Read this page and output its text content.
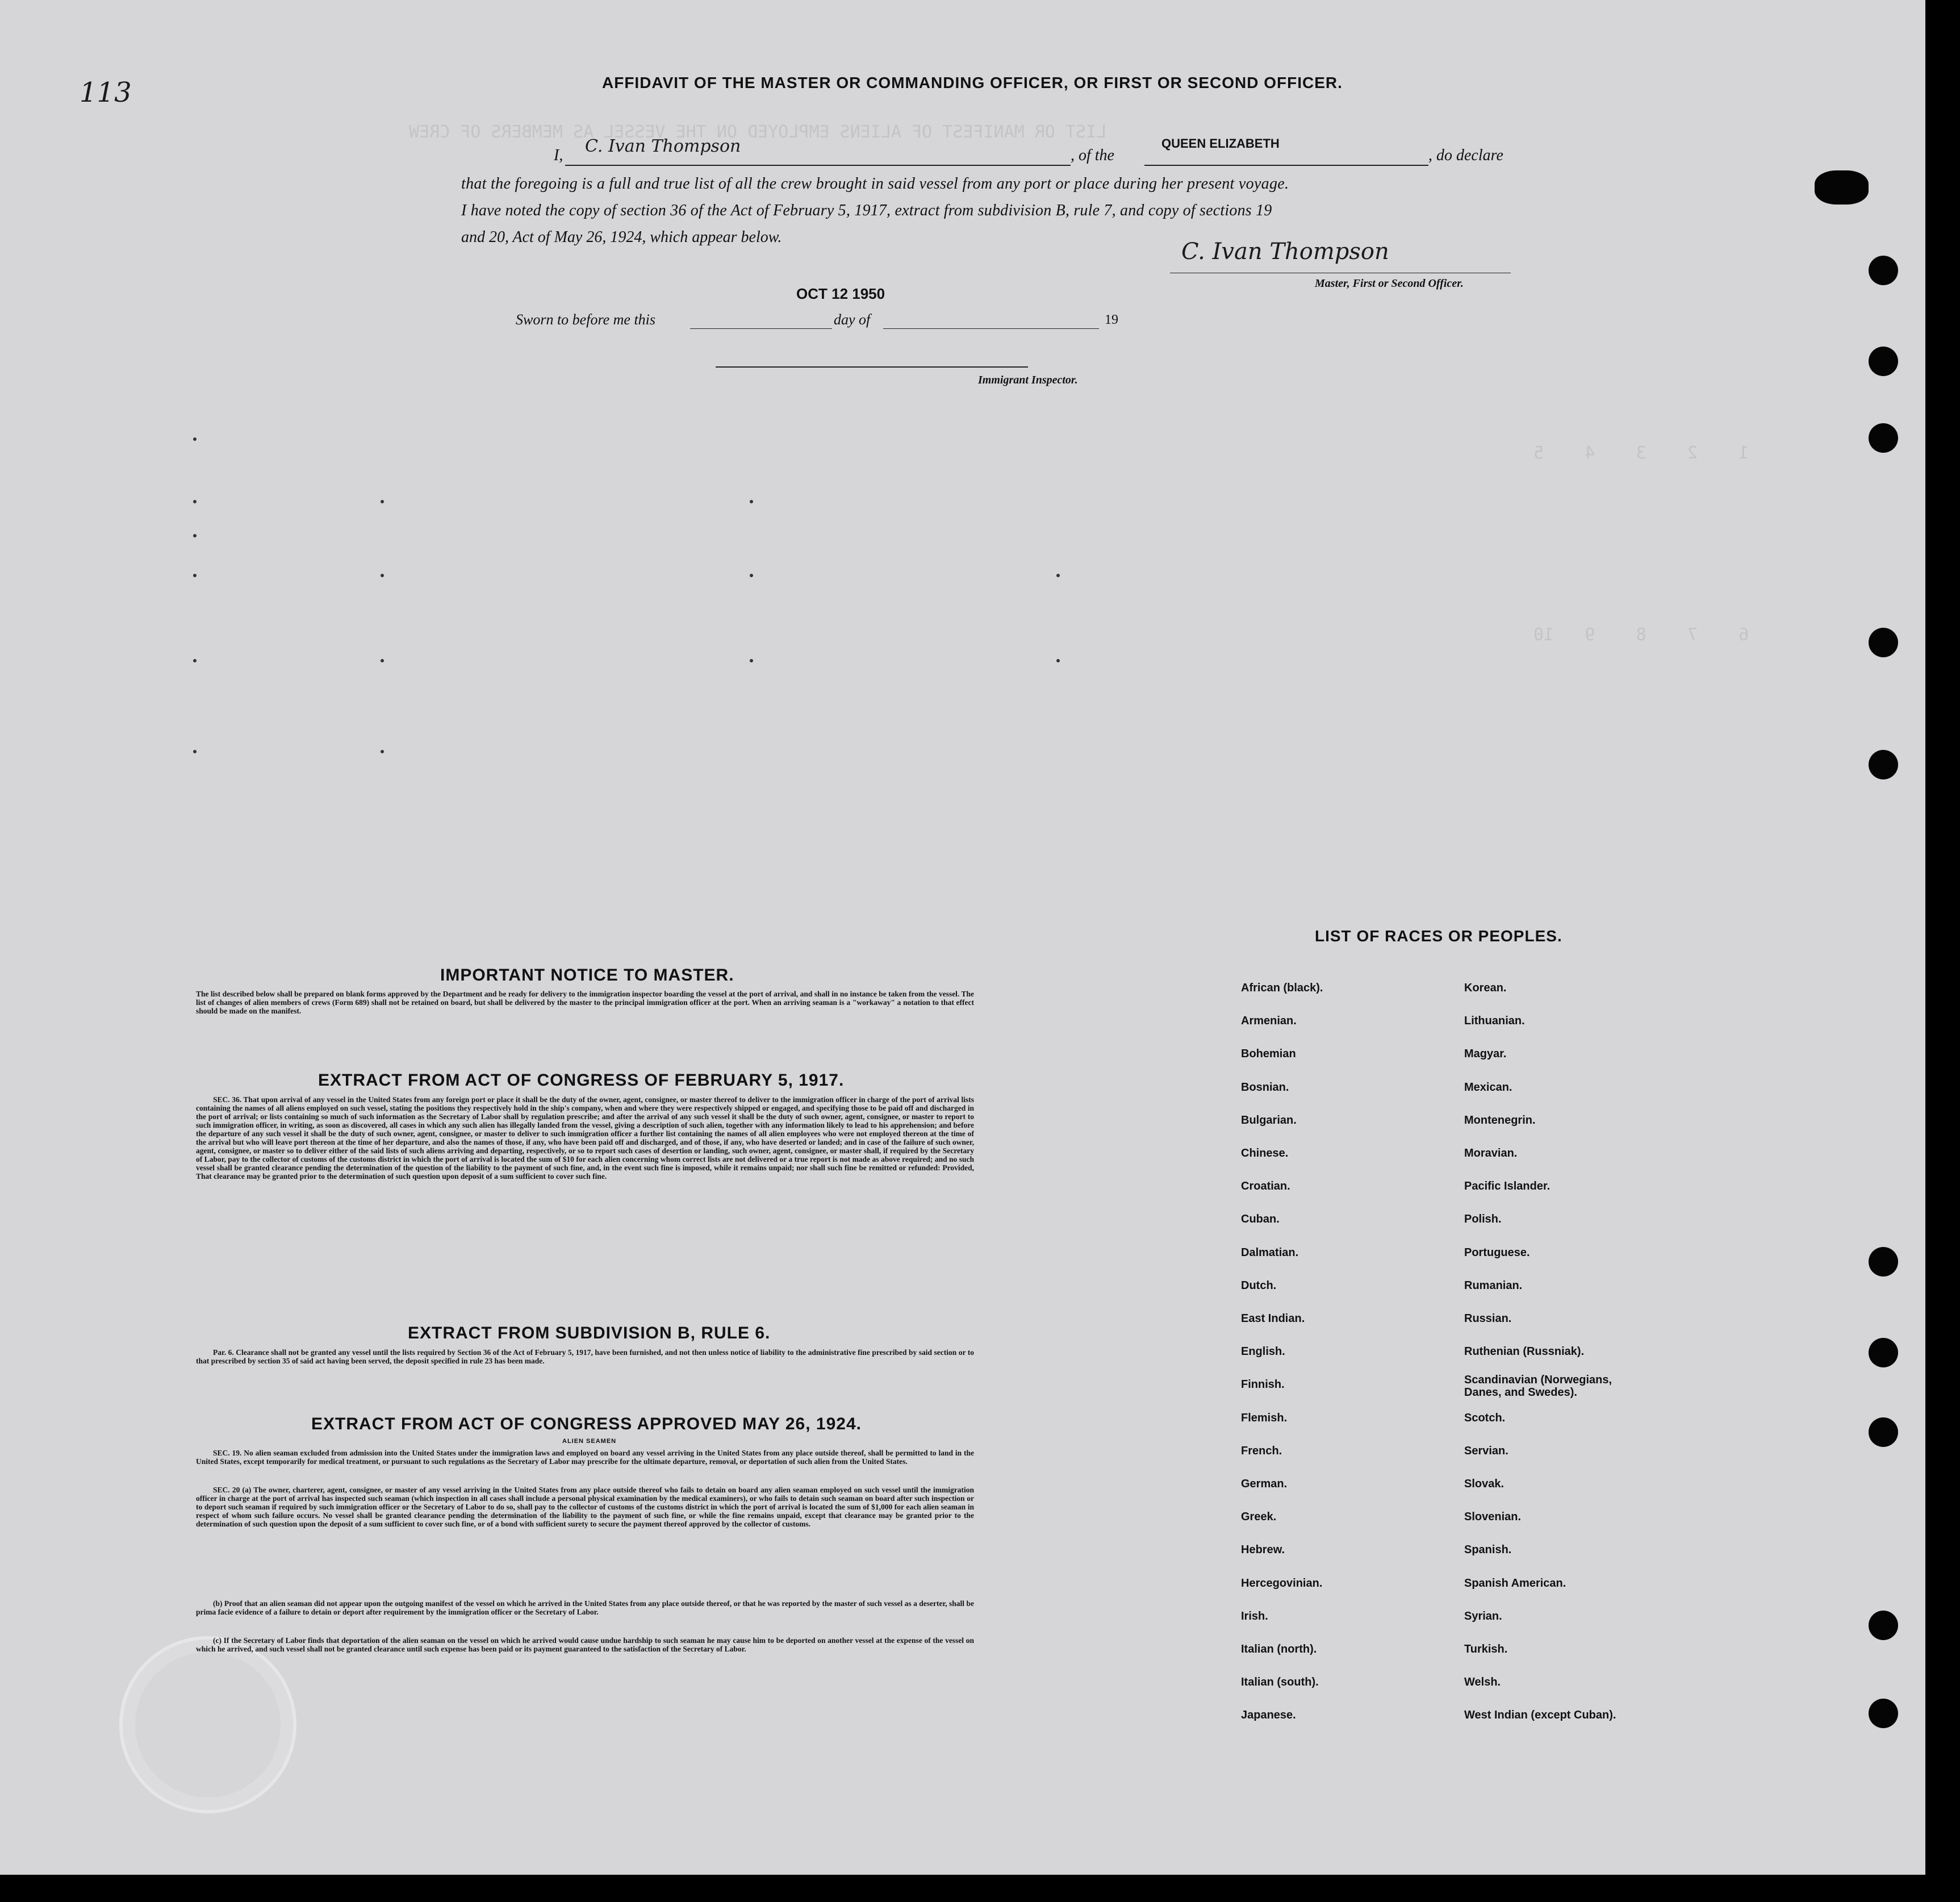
LIST OR MANIFEST OF ALIENS EMPLOYED ON THE VESSEL AS MEMBERS OF CREW
1    2    3    4    5
6    7    8    9   10
113	AFFIDAVIT OF THE MASTER OR COMMANDING OFFICER, OR FIRST OR SECOND OFFICER.
I, C. Ivan Thompson	, of the
QUEEN ELIZABETH
, do declare
that the foregoing is a full and true list of all the crew brought in said vessel from any port or place during her present voyage.
I have noted the copy of section 36 of the Act of February 5, 1917, extract from subdivision B, rule 7, and copy of sections 19
and 20, Act of May 26, 1924, which appear below.
C. Ivan Thompson
Master, First or Second Officer.
OCT 12 1950
Sworn to before me this	day of	19
Immigrant Inspector.
IMPORTANT NOTICE TO MASTER.
The list described below shall be prepared on blank forms approved by the Department and be ready for delivery to the immigration inspector boarding the vessel at the port of arrival, and shall in no instance be taken from the vessel. The list of changes of alien members of crews (Form 689) shall not be retained on board, but shall be delivered by the master to the principal immigration officer at the port. When an arriving seaman is a "workaway" a notation to that effect should be made on the manifest.
EXTRACT FROM ACT OF CONGRESS OF FEBRUARY 5, 1917.
SEC. 36. That upon arrival of any vessel in the United States from any foreign port or place it shall be the duty of the owner, agent, consignee, or master thereof to deliver to the immigration officer in charge of the port of arrival lists containing the names of all aliens employed on such vessel, stating the positions they respectively hold in the ship's company, when and where they were respectively shipped or engaged, and specifying those to be paid off and discharged in the port of arrival; or lists containing so much of such information as the Secretary of Labor shall by regulation prescribe; and after the arrival of any such vessel it shall be the duty of such owner, agent, consignee, or master to report to such immigration officer, in writing, as soon as discovered, all cases in which any such alien has illegally landed from the vessel, giving a description of such alien, together with any information likely to lead to his apprehension; and before the departure of any such vessel it shall be the duty of such owner, agent, consignee, or master to deliver to such immigration officer a further list containing the names of all alien employees who were not employed thereon at the time of the arrival but who will leave port thereon at the time of her departure, and also the names of those, if any, who have been paid off and discharged, and of those, if any, who have deserted or landed; and in case of the failure of such owner, agent, consignee, or master so to deliver either of the said lists of such aliens arriving and departing, respectively, or so to report such cases of desertion or landing, such owner, agent, consignee, or master shall, if required by the Secretary of Labor, pay to the collector of customs of the customs district in which the port of arrival is located the sum of $10 for each alien concerning whom correct lists are not delivered or a true report is not made as above required; and no such vessel shall be granted clearance pending the determination of the question of the liability to the payment of such fine, and, in the event such fine is imposed, while it remains unpaid; nor shall such fine be remitted or refunded: Provided, That clearance may be granted prior to the determination of such question upon deposit of a sum sufficient to cover such fine.
EXTRACT FROM SUBDIVISION B, RULE 6.
Par. 6. Clearance shall not be granted any vessel until the lists required by Section 36 of the Act of February 5, 1917, have been furnished, and not then unless notice of liability to the administrative fine prescribed by said section or to that prescribed by section 35 of said act having been served, the deposit specified in rule 23 has been made.
EXTRACT FROM ACT OF CONGRESS APPROVED MAY 26, 1924.
ALIEN SEAMEN
SEC. 19. No alien seaman excluded from admission into the United States under the immigration laws and employed on board any vessel arriving in the United States from any place outside thereof, shall be permitted to land in the United States, except temporarily for medical treatment, or pursuant to such regulations as the Secretary of Labor may prescribe for the ultimate departure, removal, or deportation of such alien from the United States.
SEC. 20 (a) The owner, charterer, agent, consignee, or master of any vessel arriving in the United States from any place outside thereof who fails to detain on board any alien seaman employed on such vessel until the immigration officer in charge at the port of arrival has inspected such seaman (which inspection in all cases shall include a personal physical examination by the medical examiners), or who fails to detain such seaman on board after such inspection or to deport such seaman if required by such immigration officer or the Secretary of Labor to do so, shall pay to the collector of customs of the customs district in which the port of arrival is located the sum of $1,000 for each alien seaman in respect of whom such failure occurs. No vessel shall be granted clearance pending the determination of the liability to the payment of such fine, or while the fine remains unpaid, except that clearance may be granted prior to the determination of such question upon the deposit of a sum sufficient to cover such fine, or of a bond with sufficient surety to secure the payment thereof approved by the collector of customs.
(b) Proof that an alien seaman did not appear upon the outgoing manifest of the vessel on which he arrived in the United States from any place outside thereof, or that he was reported by the master of such vessel as a deserter, shall be prima facie evidence of a failure to detain or deport after requirement by the immigration officer or the Secretary of Labor.
(c) If the Secretary of Labor finds that deportation of the alien seaman on the vessel on which he arrived would cause undue hardship to such seaman he may cause him to be deported on another vessel at the expense of the vessel on which he arrived, and such vessel shall not be granted clearance until such expense has been paid or its payment guaranteed to the satisfaction of the Secretary of Labor.
LIST OF RACES OR PEOPLES.
African (black).
Armenian.
Bohemian
Bosnian.
Bulgarian.
Chinese.
Croatian.
Cuban.
Dalmatian.
Dutch.
East Indian.
English.
Finnish.
Flemish.
French.
German.
Greek.
Hebrew.
Hercegovinian.
Irish.
Italian (north).
Italian (south).
Japanese.
Korean.
Lithuanian.
Magyar.
Mexican.
Montenegrin.
Moravian.
Pacific Islander.
Polish.
Portuguese.
Rumanian.
Russian.
Ruthenian (Russniak).
Scandinavian (Norwegians, Danes, and Swedes).
Scotch.
Servian.
Slovak.
Slovenian.
Spanish.
Spanish American.
Syrian.
Turkish.
Welsh.
West Indian (except Cuban).
